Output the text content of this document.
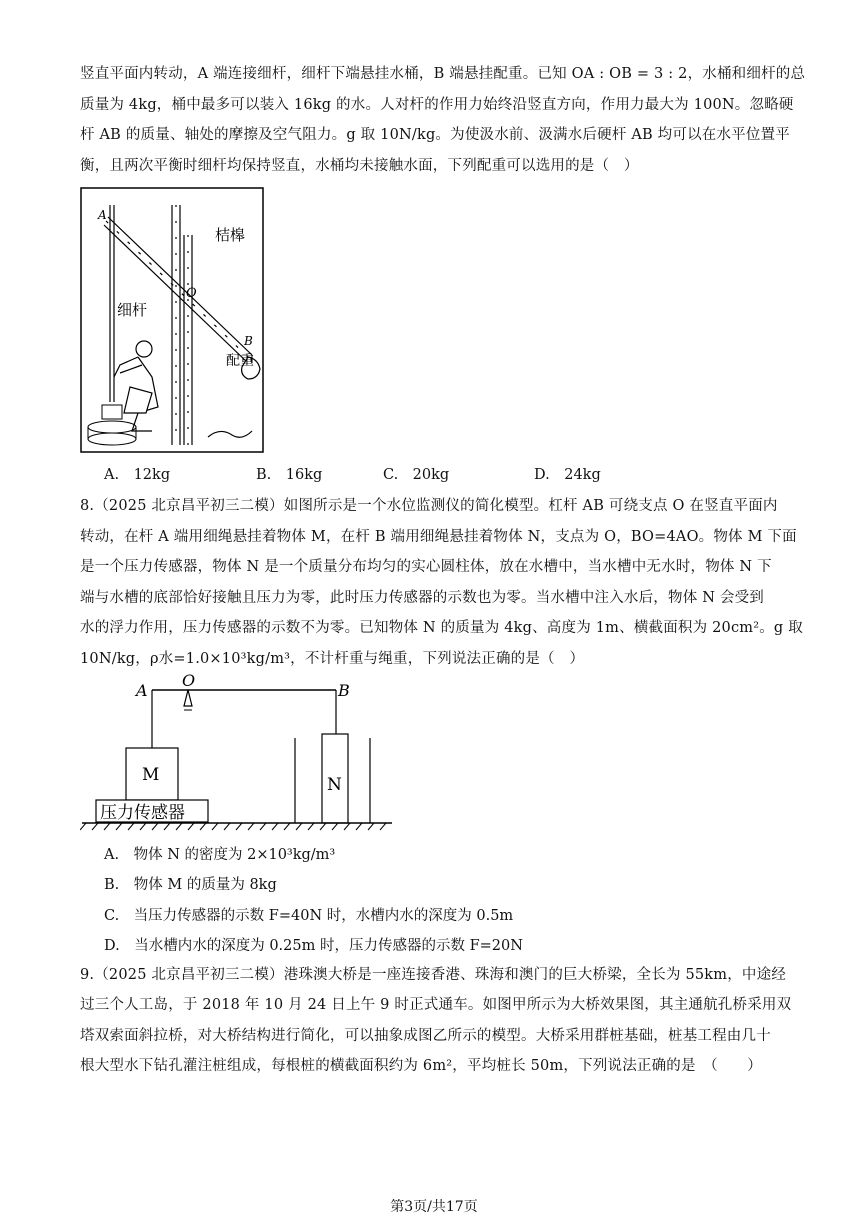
竖直平面内转动，A 端连接细杆，细杆下端悬挂水桶，B 端悬挂配重。已知 OA : OB = 3 : 2，水桶和细杆的总
质量为 4kg，桶中最多可以装入 16kg 的水。人对杆的作用力始终沿竖直方向，作用力最大为 100N。忽略硬
杆 AB 的质量、轴处的摩擦及空气阻力。g 取 10N/kg。为使汲水前、汲满水后硬杆 AB 均可以在水平位置平
衡，且两次平衡时细杆均保持竖直，水桶均未接触水面，下列配重可以选用的是（　）
桔槔
细杆
配重
A
B
O
A.　12kg	B.　16kg	C.　20kg	D.　24kg
8.（2025 北京昌平初三二模）如图所示是一个水位监测仪的简化模型。杠杆 AB 可绕支点 O 在竖直平面内
转动，在杆 A 端用细绳悬挂着物体 M，在杆 B 端用细绳悬挂着物体 N，支点为 O，BO=4AO。物体 M 下面
是一个压力传感器，物体 N 是一个质量分布均匀的实心圆柱体，放在水槽中，当水槽中无水时，物体 N 下
端与水槽的底部恰好接触且压力为零，此时压力传感器的示数也为零。当水槽中注入水后，物体 N 会受到
水的浮力作用，压力传感器的示数不为零。已知物体 N 的质量为 4kg、高度为 1m、横截面积为 20cm²。g 取
10N/kg，ρ水=1.0×10³kg/m³，不计杆重与绳重，下列说法正确的是（　）
A
O
B
M	N
压力传感器
A.　物体 N 的密度为 2×10³kg/m³
B.　物体 M 的质量为 8kg
C.　当压力传感器的示数 F=40N 时，水槽内水的深度为 0.5m
D.　当水槽内水的深度为 0.25m 时，压力传感器的示数 F=20N
9.（2025 北京昌平初三二模）港珠澳大桥是一座连接香港、珠海和澳门的巨大桥梁，全长为 55km，中途经
过三个人工岛，于 2018 年 10 月 24 日上午 9 时正式通车。如图甲所示为大桥效果图，其主通航孔桥采用双
塔双索面斜拉桥，对大桥结构进行简化，可以抽象成图乙所示的模型。大桥采用群桩基础，桩基工程由几十
根大型水下钻孔灌注桩组成，每根桩的横截面积约为 6m²，平均桩长 50m，下列说法正确的是　（　　）
第3页/共17页
